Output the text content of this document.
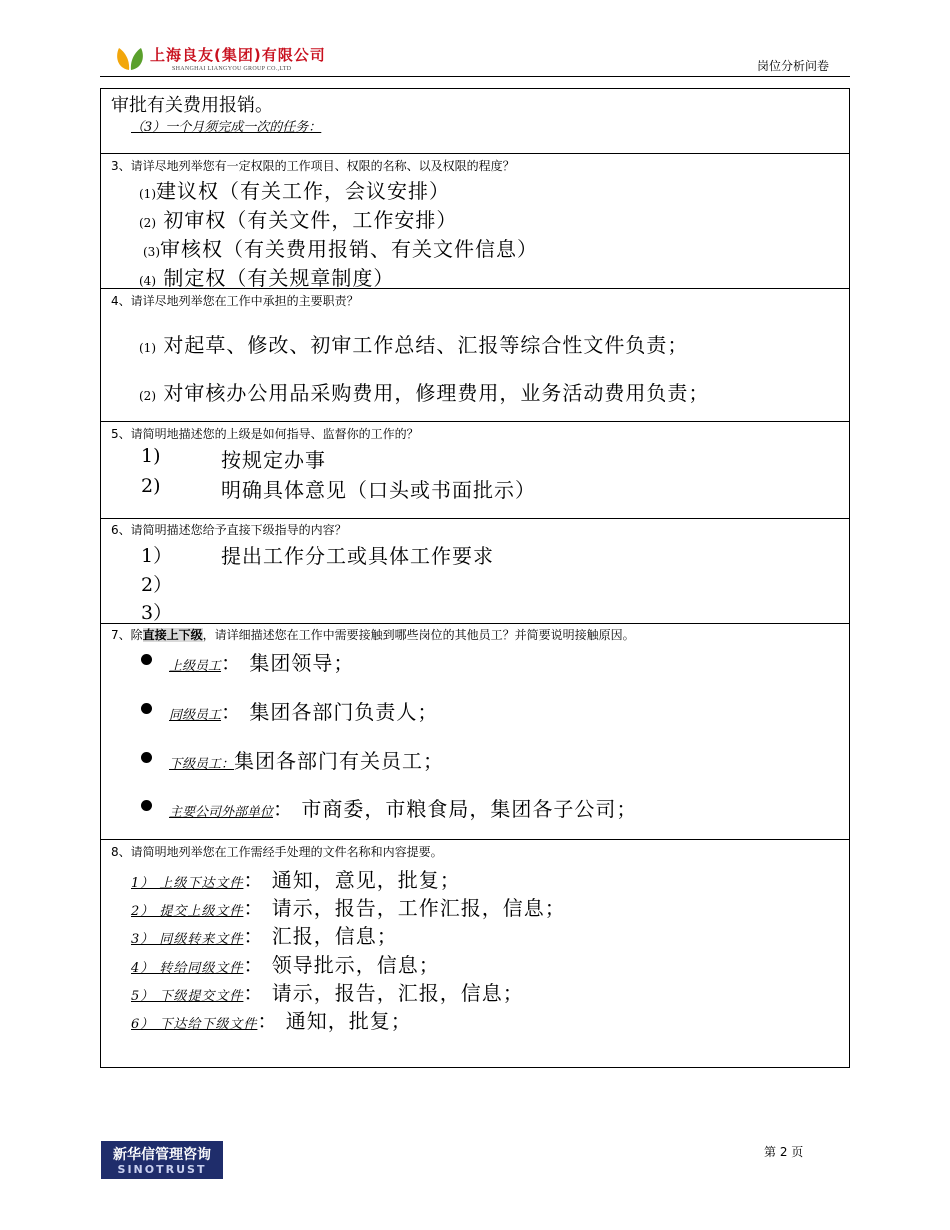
上海良友(集团)有限公司
SHANGHAI LIANGYOU GROUP CO.,LTD	岗位分析问卷
审批有关费用报销。
（3）一个月须完成一次的任务：
3、请详尽地列举您有一定权限的工作项目、权限的名称、以及权限的程度？
(1)建议权（有关工作，会议安排）
(2) 初审权（有关文件，工作安排）
(3)审核权（有关费用报销、有关文件信息）
(4) 制定权（有关规章制度）
4、请详尽地列举您在工作中承担的主要职责？
(1) 对起草、修改、初审工作总结、汇报等综合性文件负责；
(2) 对审核办公用品采购费用，修理费用，业务活动费用负责；
5、请简明地描述您的上级是如何指导、监督你的工作的？
1)	按规定办事
2)	明确具体意见（口头或书面批示）
6、请简明描述您给予直接下级指导的内容？
1） 提出工作分工或具体工作要求
2）
3）
7、除直接上下级，请详细描述您在工作中需要接触到哪些岗位的其他员工？并简要说明接触原因。
上级员工： 集团领导；
同级员工： 集团各部门负责人；
下级员工：集团各部门有关员工；
主要公司外部单位： 市商委，市粮食局，集团各子公司；
8、请简明地列举您在工作需经手处理的文件名称和内容提要。
1） 上级下达文件： 通知，意见，批复；
2） 提交上级文件： 请示，报告，工作汇报，信息；
3） 同级转来文件： 汇报，信息；
4） 转给同级文件： 领导批示，信息；
5） 下级提交文件： 请示，报告，汇报，信息；
6） 下达给下级文件： 通知，批复；
新华信管理咨询
SINOTRUST
第 2 页
